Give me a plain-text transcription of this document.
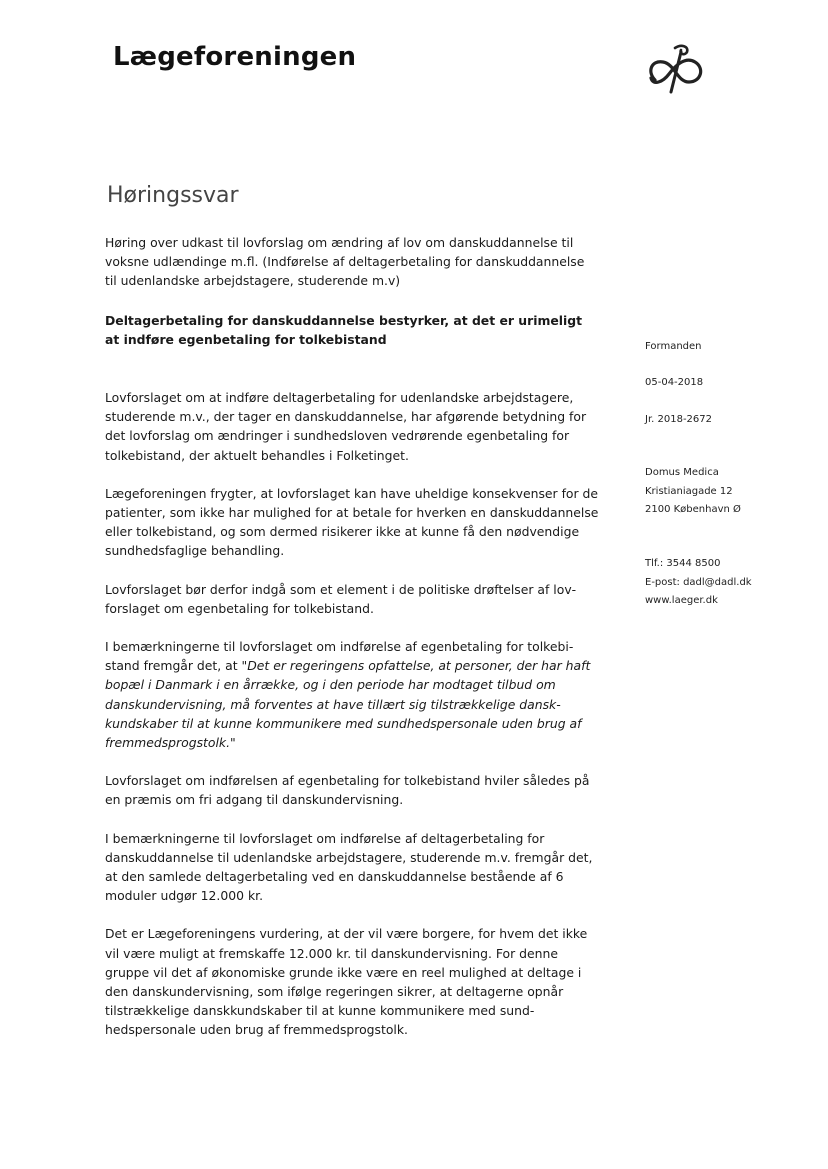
Lægeforeningen
Høringssvar

Høring over udkast til lovforslag om ændring af lov om danskuddannelse til voksne udlændinge m.fl. (Indførelse af deltagerbetaling for danskuddannelse til udenlandske arbejdstagere, studerende m.v)

Deltagerbetaling for danskuddannelse bestyrker, at det er urimeligt at indføre egenbetaling for tolkebistand

Lovforslaget om at indføre deltagerbetaling for udenlandske arbejdstagere, studerende m.v., der tager en danskuddannelse, har afgørende betydning for det lovforslag om ændringer i sundhedsloven vedrørende egenbetaling for tolkebistand, der aktuelt behandles i Folketinget.

Lægeforeningen frygter, at lovforslaget kan have uheldige konsekvenser for de patienter, som ikke har mulighed for at betale for hverken en danskuddannelse eller tolkebistand, og som dermed risikerer ikke at kunne få den nødvendige sundhedsfaglige behandling.

Lovforslaget bør derfor indgå som et element i de politiske drøftelser af lovforslaget om egenbetaling for tolkebistand.

I bemærkningerne til lovforslaget om indførelse af egenbetaling for tolkebistand fremgår det, at "Det er regeringens opfattelse, at personer, der har haft bopæl i Danmark i en årrække, og i den periode har modtaget tilbud om danskundervisning, må forventes at have tillært sig tilstrækkelige danskkundskaber til at kunne kommunikere med sundhedspersonale uden brug af fremmedsprogstolk."

Lovforslaget om indførelsen af egenbetaling for tolkebistand hviler således på en præmis om fri adgang til danskundervisning.

I bemærkningerne til lovforslaget om indførelse af deltagerbetaling for danskuddannelse til udenlandske arbejdstagere, studerende m.v. fremgår det, at den samlede deltagerbetaling ved en danskuddannelse bestående af 6 moduler udgør 12.000 kr.

Det er Lægeforeningens vurdering, at der vil være borgere, for hvem det ikke vil være muligt at fremskaffe 12.000 kr. til danskundervisning. For denne gruppe vil det af økonomiske grunde ikke være en reel mulighed at deltage i den danskundervisning, som ifølge regeringen sikrer, at deltagerne opnår tilstrækkelige danskkundskaber til at kunne kommunikere med sundhedspersonale uden brug af fremmedsprogstolk.

Formanden
05-04-2018
Jr. 2018-2672

Domus Medica

Kristianiagade 12

2100 København Ø

Tlf.: 3544 8500

E-post: dadl@dadl.dk

www.laeger.dk
